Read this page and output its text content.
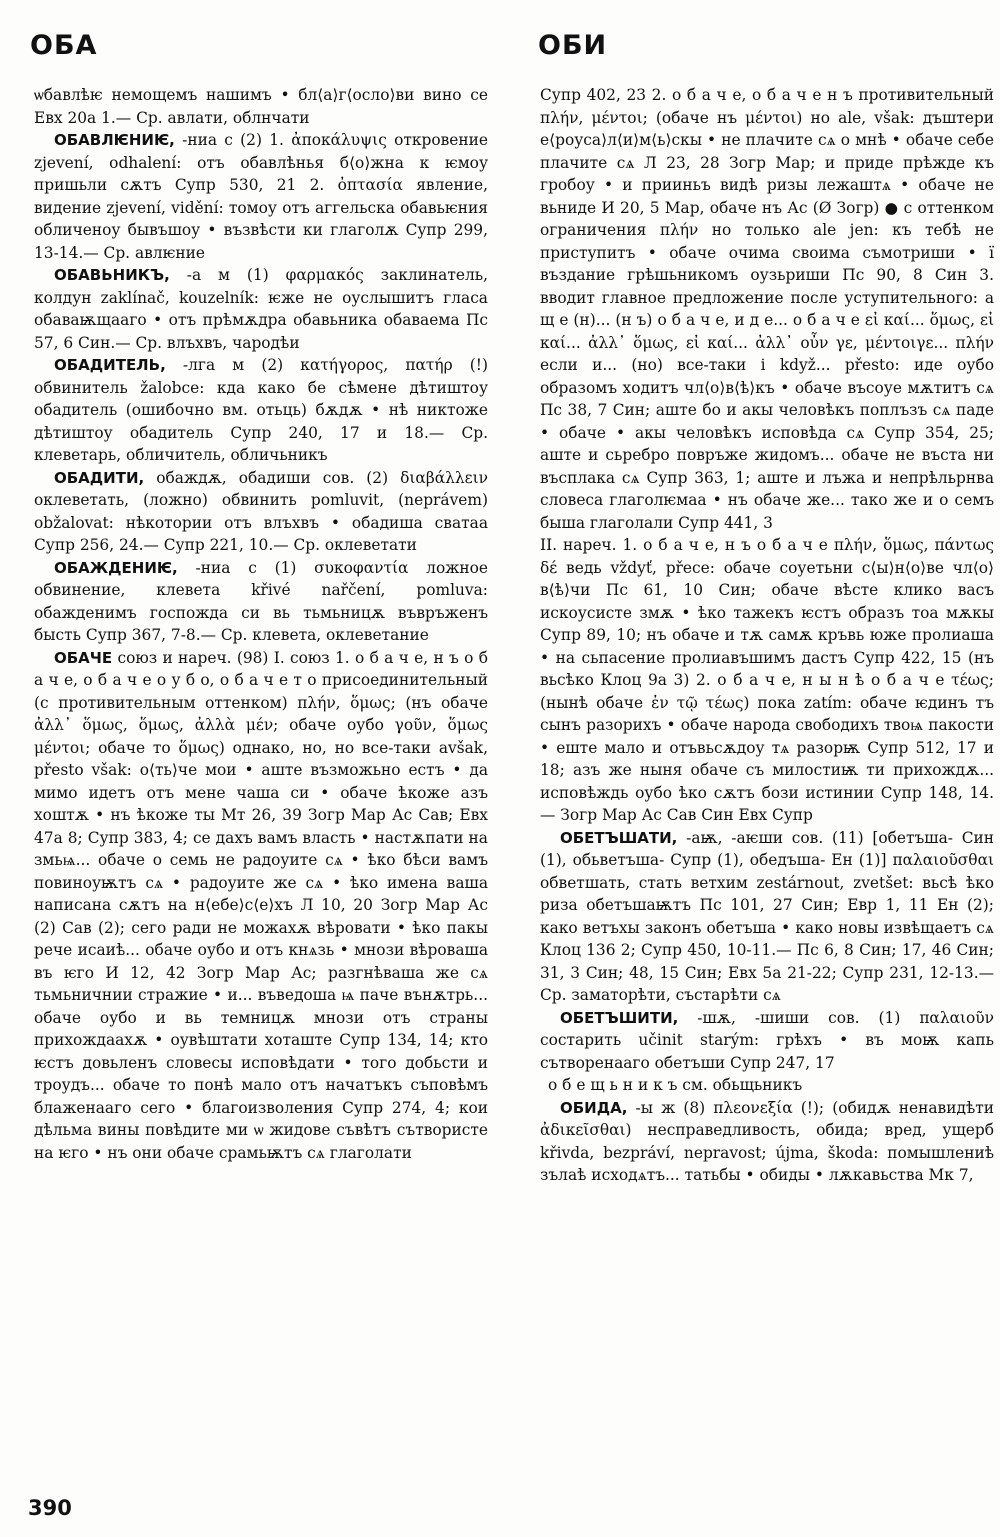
ОБА	ОБИ

ѡбавлѣѥ немощемъ нашимъ • бл⟨а⟩г⟨осло⟩ви вино се Евх 20а 1.— Ср. авлати, облнчати

ОБАВЛѤНИѤ, -ниа с (2) 1. ἀποκάλυψις откровение zjevení, odhalení: отъ обавлѣнья б⟨о⟩жна к ѥмоу пришьли сѫтъ Супр 530, 21 2. ὀπτασία явление, видение zjevení, vidění: томоу отъ аггельска обавьѥния обличеноу бывъшоу • възвѣсти ки глаголѫ Супр 299, 13-14.— Ср. авлѥние

ОБАВЬНИКЪ, -а м (1) φαρμακός заклинатель, колдун zaklínač, kouzelník: ѥже не оуслышитъ гласа обаваѭщааго • отъ прѣмѫдра обавьника обаваема Пс 57, 6 Син.— Ср. влъхвъ, чародѣи

ОБАДИТЕЛЬ, -лга м (2) κατήγορος, πατήρ (!) обвинитель žalobce: кда како бе сѣмене дѣтиштоу обадитель (ошибочно вм. отьць) бѫдѫ • нѣ никтоже дѣтиштоу обадитель Супр 240, 17 и 18.— Ср. клеветарь, обличитель, обличьникъ

ОБАДИТИ, обаждѫ, обадиши сов. (2) διαβάλλειν оклеветать, (ложно) обвинить pomluvit, (neprávem) obžalovat: нѣкотории отъ влъхвъ • обадиша сватаа Супр 256, 24.— Супр 221, 10.— Ср. оклеветати

ОБАЖДЕНИѤ, -ниа с (1) συκοφαντία ложное обвинение, клевета křivé nařčení, pomluva: обажденимъ госпожда си вь тьмьницѫ въвръженъ бысть Супр 367, 7-8.— Ср. клевета, оклеветание

ОБАЧЕ союз и нареч. (98) I. союз 1. о б а ч е, н ъ о б а ч е, о б а ч е о у б о, о б а ч е т о присоединительный (с противительным оттенком) πλήν, ὅμως; (нъ обаче ἀλλ᾽ ὅμως, ὅμως, ἀλλὰ μέν; обаче оубо γοῦν, ὅμως μέντοι; обаче то ὅμως) однако, но, но все-таки avšak, přesto však: о⟨ть⟩че мои • аште възможьно естъ • да мимо идетъ отъ мене чаша си • обаче ѣкоже азъ хоштѫ • нъ ѣкоже ты Мт 26, 39 Зогр Мар Ас Сав; Евх 47а 8; Супр 383, 4; се дахъ вамъ власть • настѫпати на змьѩ... обаче о семь не радоуите сѧ • ѣко бѣси вамъ повиноуѭтъ сѧ • радоуите же сѧ • ѣко имена ваша написана сѫтъ на н⟨ебе⟩с⟨е⟩хъ Л 10, 20 Зогр Мар Ас (2) Сав (2); сего ради не можахѫ вѣровати • ѣко пакы рече исаиѣ... обаче оубо и отъ кнѧзь • мнози вѣроваша въ ѥго И 12, 42 Зогр Мар Ас; разгнѣваша же сѧ тьмьничнии стражие • и... въведоша ѩ паче вънѫтрь... обаче оубо и вь темницѫ мнози отъ страны прихождаахѫ • оувѣштати хоташте Супр 134, 14; кто ѥстъ довьленъ словесы исповѣдати • того добьсти и троудъ... обаче то понѣ мало отъ начатъкъ съповѣмъ блаженааго сего • благоизволения Супр 274, 4; кои дѣльма вины повѣдите ми ѡ жидове съвѣтъ сътвористе на ѥго • нъ они обаче срамьѭтъ сѧ глаголати

Супр 402, 23 2. о б а ч е, о б а ч е н ъ противительный πλήν, μέντοι; (обаче нъ μέντοι) но ale, však: дъштери е⟨роуса⟩л⟨и⟩м⟨ь⟩скы • не плачите сѧ о мнѣ • обаче себе плачите сѧ Л 23, 28 Зогр Мар; и приде прѣжде къ гробоу • и прииньъ видѣ ризы лежаштѧ • обаче не вьниде И 20, 5 Мар, обаче нъ Ас (Ø Зогр) ● с оттенком ограничения πλήν но только ale jen: къ тебѣ не приступитъ • обаче очима своима съмотриши • ї въздание грѣшьникомъ оузьриши Пс 90, 8 Син 3. вводит главное предложение после уступительного: а щ е (н)... (н ъ) о б а ч е, и д е... о б а ч е εἰ καί... ὅμως, εἰ καί... ἀλλ᾽ ὅμως, εἰ καί... ἀλλ᾽ οὖν γε, μέντοιγε... πλήν если и... (но) все-таки i když... přesto: иде оубо образомъ ходитъ чл⟨о⟩в⟨ѣ⟩къ • обаче въсоуе мѫтитъ сѧ Пс 38, 7 Син; аште бо и акы человѣкъ поплъзъ сѧ паде • обаче • акы человѣкъ исповѣда сѧ Супр 354, 25; аште и сьребро повръже жидомъ... обаче не въста ни въсплака сѧ Супр 363, 1; аште и лъжа и непрѣльрнва словеса глаголѥмаа • нъ обаче же... тако же и о семъ быша глаголали Супр 441, 3

II. нареч. 1. о б а ч е, н ъ о б а ч е πλήν, ὅμως, πάντως δέ ведь vždyť, přece: обаче соуетьни с⟨ы⟩н⟨о⟩ве чл⟨о⟩в⟨ѣ⟩чи Пс 61, 10 Син; обаче вѣсте клико васъ искоусисте змѫ • ѣко тажекъ ѥстъ образъ тоа мѫкы Супр 89, 10; нъ обаче и тѫ самѫ кръвь юже пролиаша • на сьпасение пролиавъшимъ дастъ Супр 422, 15 (нъ вьсѣко Клоц 9а 3) 2. о б а ч е, н ы н ѣ о б а ч е τέως; (нынѣ обаче ἐν τῷ τέως) пока zatím: обаче ѥдинъ тъ сынъ разорихъ • обаче народа свободихъ твоѩ пакости • еште мало и отъвьсѫдоу тѧ разорѭ Супр 512, 17 и 18; азъ же ныня обаче съ милостиѭ ти прихождѫ... исповѣждь оубо ѣко сѫтъ бози истинии Супр 148, 14.— Зогр Мар Ас Сав Син Евх Супр

ОБЕТЪШАТИ, -аѭ, -аѥши сов. (11) [обетъша- Син (1), обьветъша- Супр (1), обедъша- Ен (1)] παλαιοῦσθαι обветшать, стать ветхим zestárnout, zvetšet: вьсѣ ѣко риза обетъшаѭтъ Пс 101, 27 Син; Евр 1, 11 Ен (2); како ветъхы законъ обетъша • како новы извѣщаетъ сѧ Клоц 136 2; Супр 450, 10-11.— Пс 6, 8 Син; 17, 46 Син; 31, 3 Син; 48, 15 Син; Евх 5а 21-22; Супр 231, 12-13.— Ср. заматорѣти, състарѣти сѧ

ОБЕТЪШИТИ, -шѫ, -шиши сов. (1) παλαιοῦν состарить učinit starým: грѣхъ • въ моѭ капь сътворенааго обетъши Супр 247, 17

о б е щ ь н и к ъ см. обьщьникъ

ОБИДА, -ы ж (8) πλεονεξία (!); (обидѫ ненавидѣти ἀδικεῖσθαι) несправедливость, обида; вред, ущерб křivda, bezpráví, nepravost; újma, škoda: помышлениѣ зълаѣ исходѧтъ... татьбы • обиды • лѫкавьства Мк 7,

390
